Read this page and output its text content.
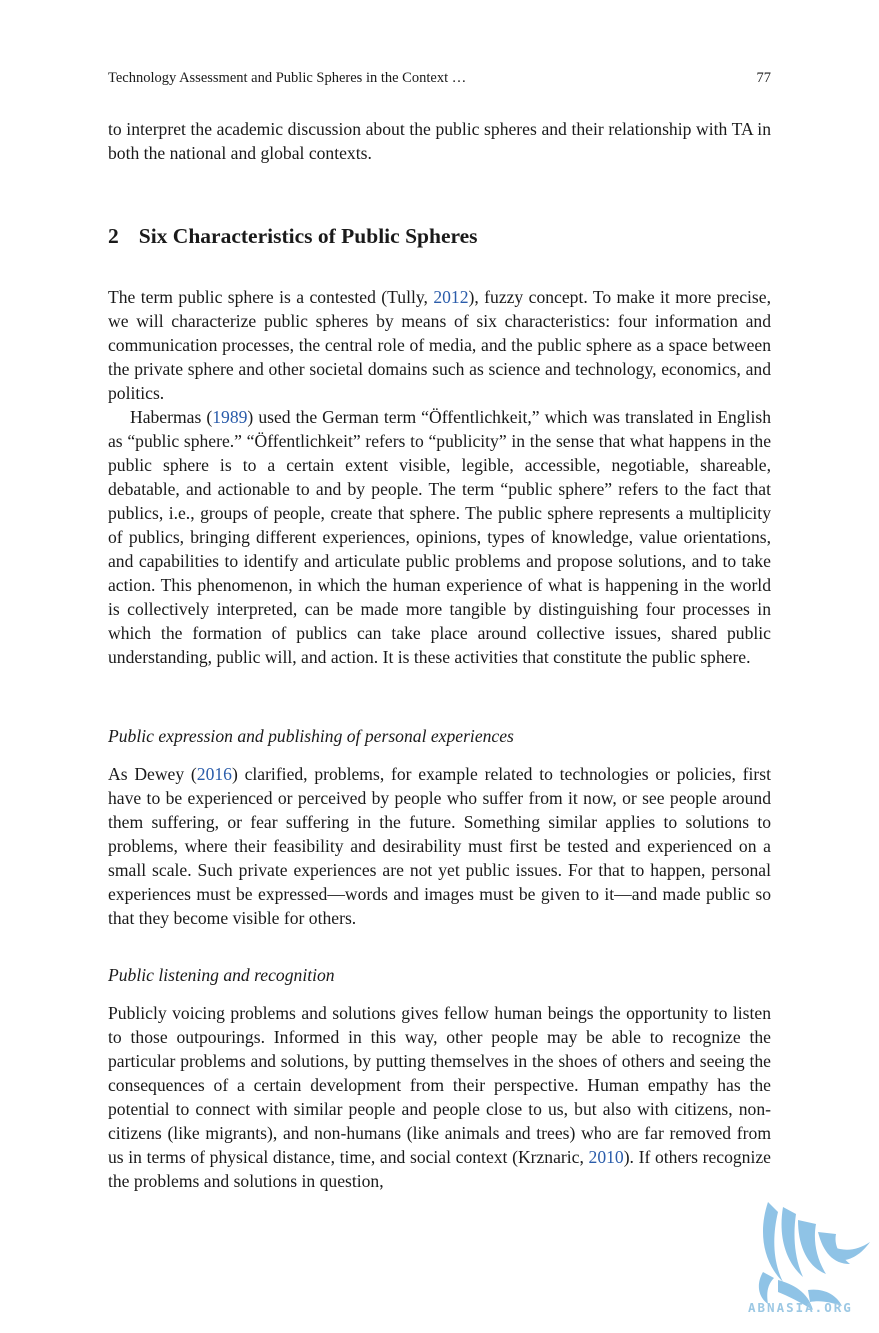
Technology Assessment and Public Spheres in the Context …	77

to interpret the academic discussion about the public spheres and their relationship with TA in both the national and global contexts.

2 Six Characteristics of Public Spheres

The term public sphere is a contested (Tully, 2012), fuzzy concept. To make it more precise, we will characterize public spheres by means of six characteristics: four information and communication processes, the central role of media, and the public sphere as a space between the private sphere and other societal domains such as science and technology, economics, and politics.

Habermas (1989) used the German term “Öffentlichkeit,” which was translated in English as “public sphere.” “Öffentlichkeit” refers to “publicity” in the sense that what happens in the public sphere is to a certain extent visible, legible, accessible, negotiable, shareable, debatable, and actionable to and by people. The term “public sphere” refers to the fact that publics, i.e., groups of people, create that sphere. The public sphere represents a multiplicity of publics, bringing different experiences, opinions, types of knowledge, value orientations, and capabilities to identify and articulate public problems and propose solutions, and to take action. This phenomenon, in which the human experience of what is happening in the world is collectively interpreted, can be made more tangible by distinguishing four processes in which the formation of publics can take place around collective issues, shared public understanding, public will, and action. It is these activities that constitute the public sphere.

Public expression and publishing of personal experiences

As Dewey (2016) clarified, problems, for example related to technologies or policies, first have to be experienced or perceived by people who suffer from it now, or see people around them suffering, or fear suffering in the future. Something similar applies to solutions to problems, where their feasibility and desirability must first be tested and experienced on a small scale. Such private experiences are not yet public issues. For that to happen, personal experiences must be expressed—words and images must be given to it—and made public so that they become visible for others.

Public listening and recognition

Publicly voicing problems and solutions gives fellow human beings the opportunity to listen to those outpourings. Informed in this way, other people may be able to recognize the particular problems and solutions, by putting themselves in the shoes of others and seeing the consequences of a certain development from their perspective. Human empathy has the potential to connect with similar people and people close to us, but also with citizens, non-citizens (like migrants), and non-humans (like animals and trees) who are far removed from us in terms of physical distance, time, and social context (Krznaric, 2010). If others recognize the problems and solutions in question,

ABNASIA.ORG
